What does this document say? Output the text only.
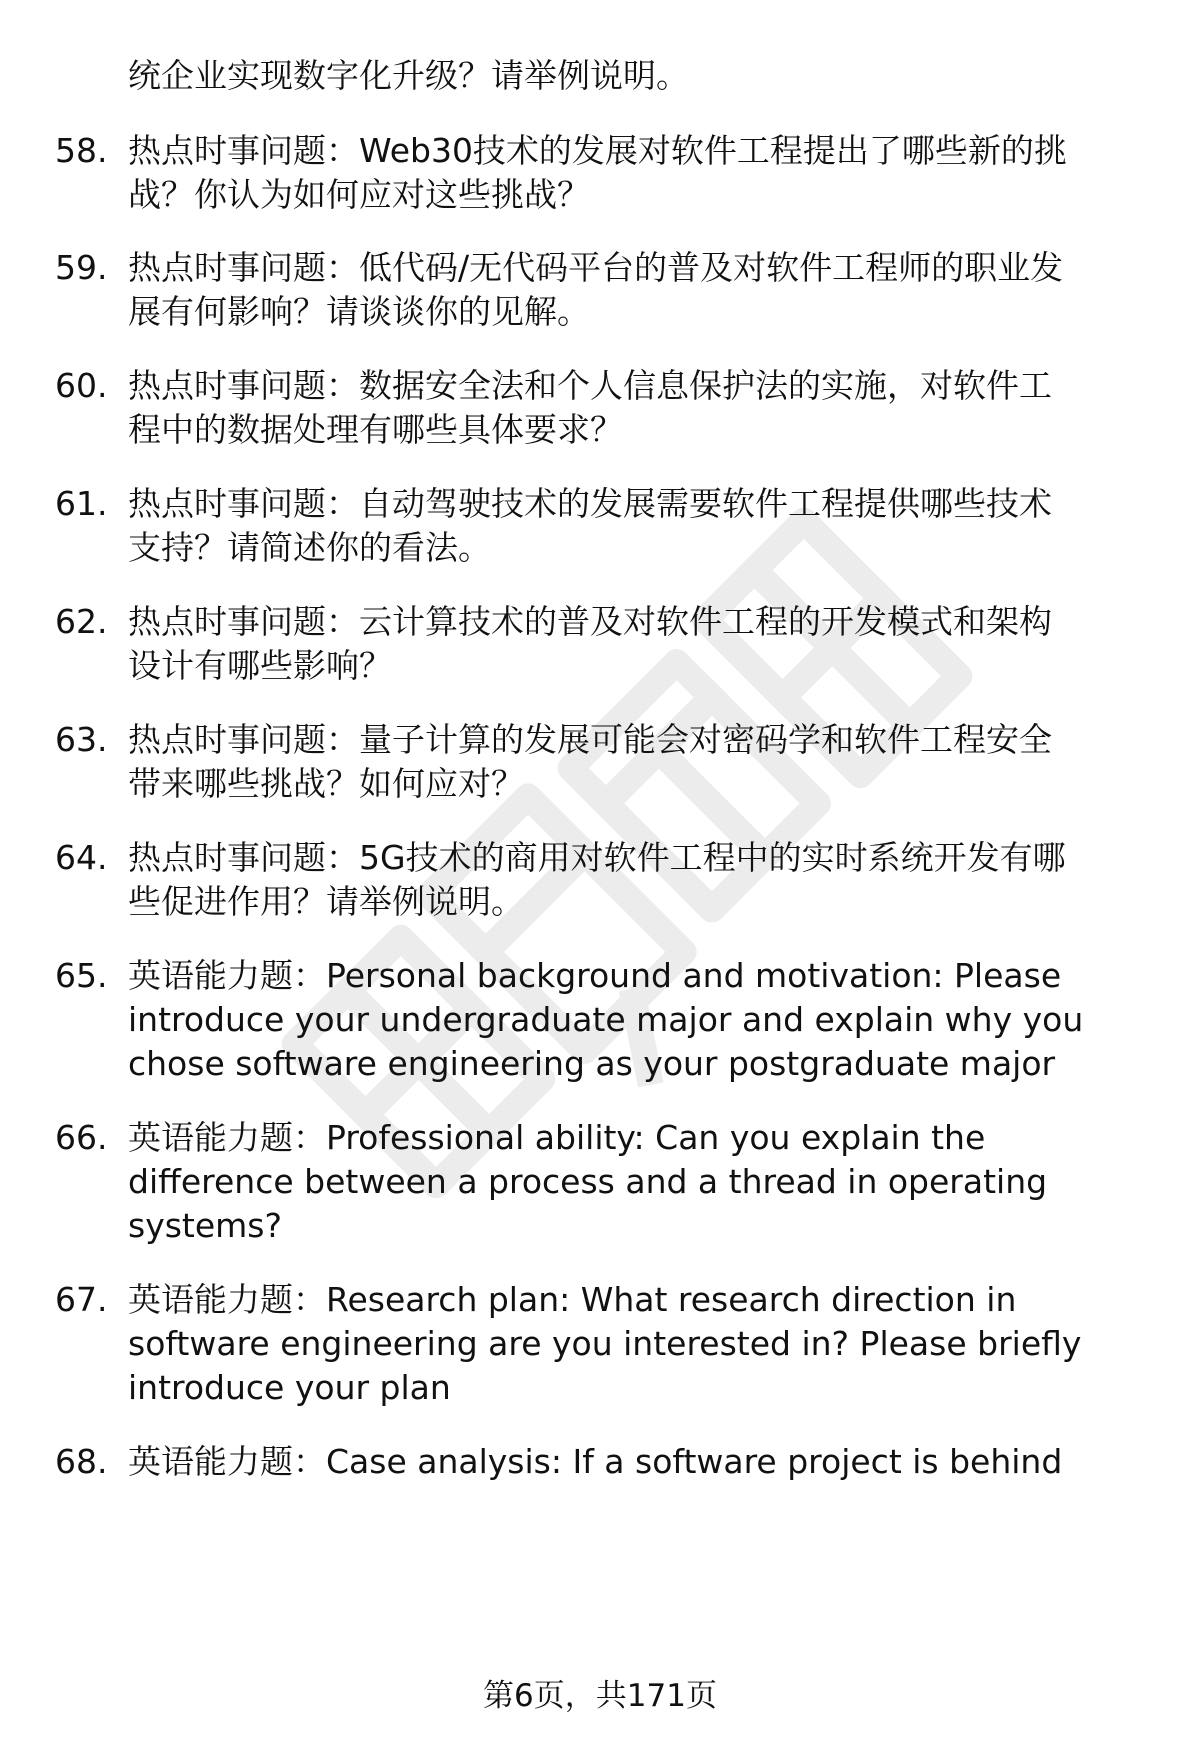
统企业实现数字化升级？请举例说明。
58. 热点时事问题：Web30技术的发展对软件工程提出了哪些新的挑
战？你认为如何应对这些挑战？
59. 热点时事问题：低代码/无代码平台的普及对软件工程师的职业发
展有何影响？请谈谈你的见解。
60. 热点时事问题：数据安全法和个人信息保护法的实施，对软件工
程中的数据处理有哪些具体要求？
61. 热点时事问题：自动驾驶技术的发展需要软件工程提供哪些技术
支持？请简述你的看法。
62. 热点时事问题：云计算技术的普及对软件工程的开发模式和架构
设计有哪些影响？
63. 热点时事问题：量子计算的发展可能会对密码学和软件工程安全
带来哪些挑战？如何应对？
64. 热点时事问题：5G技术的商用对软件工程中的实时系统开发有哪
些促进作用？请举例说明。
65. 英语能力题：Personal background and motivation: Please
introduce your undergraduate major and explain why you
chose software engineering as your postgraduate major
66. 英语能力题：Professional ability: Can you explain the
difference between a process and a thread in operating
systems?
67. 英语能力题：Research plan: What research direction in
software engineering are you interested in? Please briefly
introduce your plan
68. 英语能力题：Case analysis: If a software project is behind
第6页，共171页
